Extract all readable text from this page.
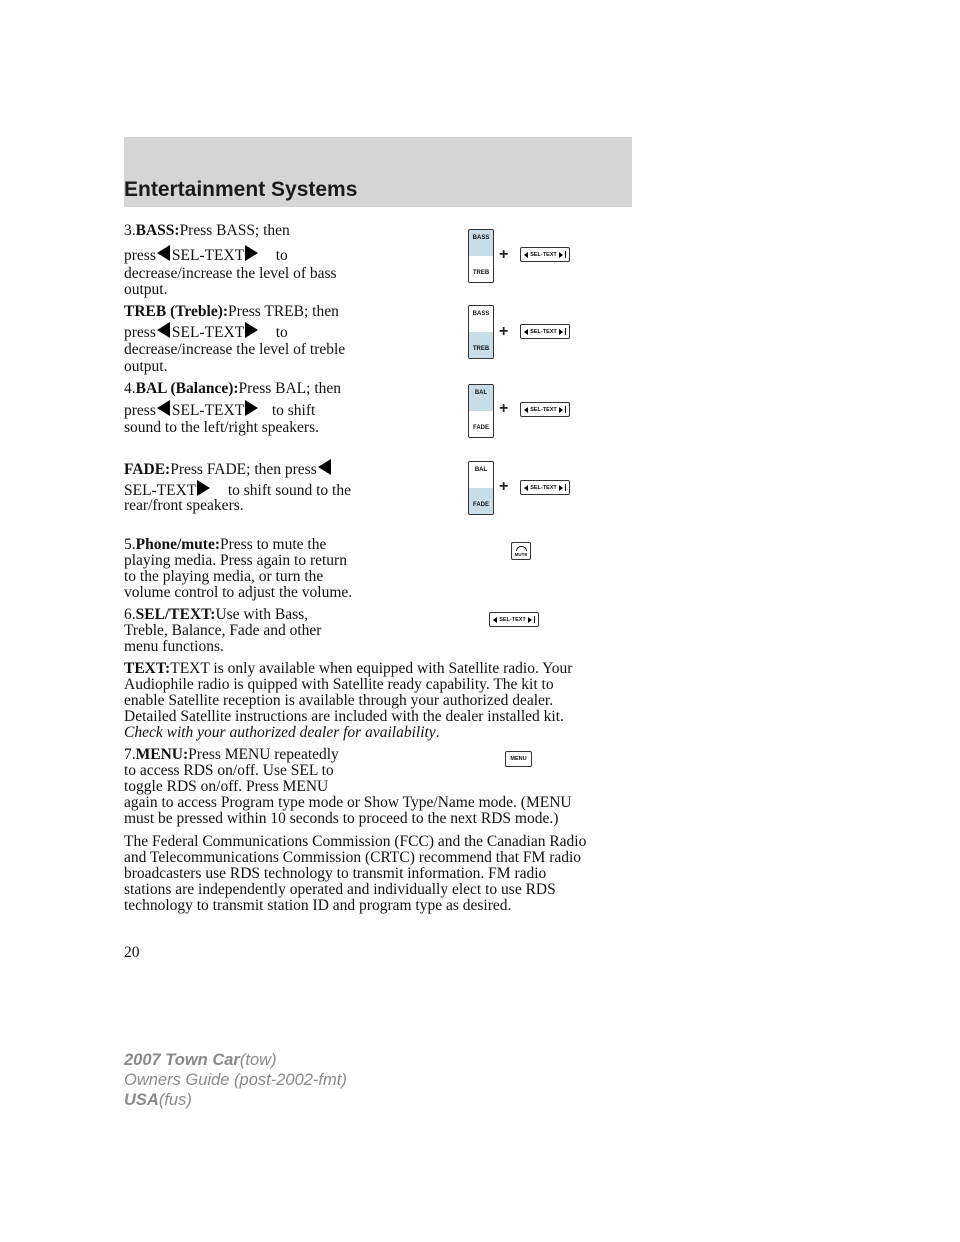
Entertainment Systems
3.BASS:Press BASS; then
press SEL-TEXT to
decrease/increase the level of bass
output.
TREB (Treble):Press TREB; then
press SEL-TEXT to
decrease/increase the level of treble
output.
4.BAL (Balance):Press BAL; then
press SEL-TEXT to shift
sound to the left/right speakers.
FADE:Press FADE; then press
SEL-TEXT to shift sound to the
rear/front speakers.
5.Phone/mute:Press to mute the
playing media. Press again to return
to the playing media, or turn the
volume control to adjust the volume.
6.SEL/TEXT:Use with Bass,
Treble, Balance, Fade and other
menu functions.
TEXT:TEXT is only available when equipped with Satellite radio. Your
Audiophile radio is quipped with Satellite ready capability. The kit to
enable Satellite reception is available through your authorized dealer.
Detailed Satellite instructions are included with the dealer installed kit.
Check with your authorized dealer for availability.
7.MENU:Press MENU repeatedly
to access RDS on/off. Use SEL to
toggle RDS on/off. Press MENU
again to access Program type mode or Show Type/Name mode. (MENU
must be pressed within 10 seconds to proceed to the next RDS mode.)
The Federal Communications Commission (FCC) and the Canadian Radio
and Telecommunications Commission (CRTC) recommend that FM radio
broadcasters use RDS technology to transmit information. FM radio
stations are independently operated and individually elect to use RDS
technology to transmit station ID and program type as desired.
BASS
TREB
+	SEL-TEXT
BASS
TREB
+	SEL-TEXT
BAL
FADE
+	SEL-TEXT
BAL
FADE
+	SEL-TEXT
MUTE
SEL-TEXT
MENU
20
2007 Town Car(tow)
Owners Guide (post-2002-fmt)
USA(fus)
